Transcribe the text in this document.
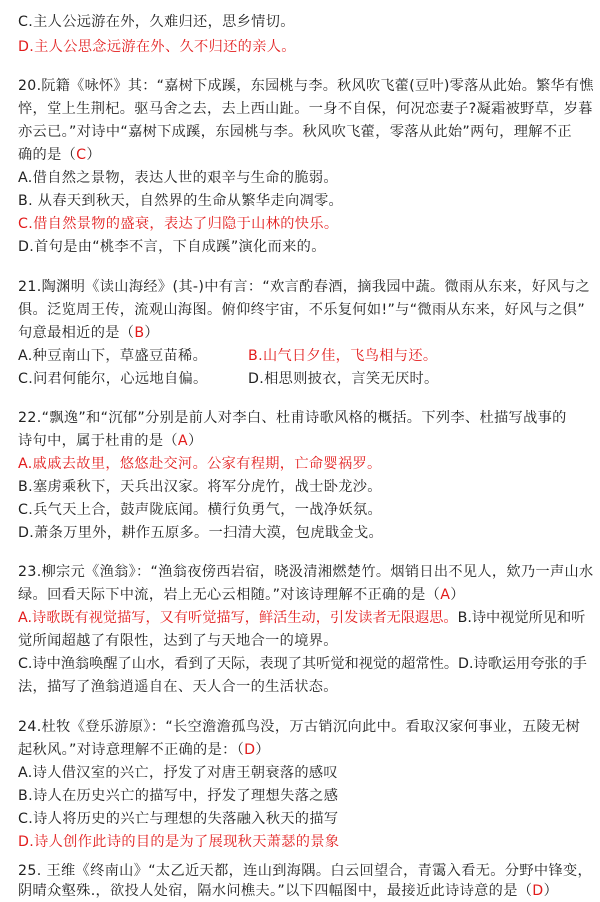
C.主人公远游在外，久难归还，思乡情切。

D.主人公思念远游在外、久不归还的亲人。

20.阮籍《咏怀》其：“嘉树下成蹊，东园桃与李。秋风吹飞藿(豆叶)零落从此始。繁华有憔

悴，堂上生荆杞。驱马舍之去，去上西山趾。一身不自保，何况恋妻子?凝霜被野草，岁暮

亦云已。”对诗中“嘉树下成蹊，东园桃与李。秋风吹飞藿，零落从此始”两句，理解不正

确的是（C）

A.借自然之景物，表达人世的艰辛与生命的脆弱。

B. 从春天到秋天，自然界的生命从繁华走向凋零。

C.借自然景物的盛衰，表达了归隐于山林的快乐。

D.首句是由“桃李不言，下自成蹊”演化而来的。

21.陶渊明《读山海经》(其-)中有言：“欢言酌春酒，摘我园中蔬。微雨从东来，好风与之

俱。泛览周王传，流观山海图。俯仰终宇宙，不乐复何如!”与“微雨从东来，好风与之俱”

句意最相近的是（B）

A.种豆南山下，草盛豆苗稀。	B.山气日夕佳，飞鸟相与还。

C.问君何能尔，心远地自偏。	D.相思则披衣，言笑无厌时。

22.“飘逸”和“沉郁”分别是前人对李白、杜甫诗歌风格的概括。下列李、杜描写战事的

诗句中，属于杜甫的是（A）

A.戚戚去故里，悠悠赴交河。公家有程期，亡命婴祸罗。

B.塞虏乘秋下，天兵出汉家。将军分虎竹，战士卧龙沙。

C.兵气天上合，鼓声陇底闻。横行负勇气，一战净妖氛。

D.萧条万里外，耕作五原多。一扫清大漠，包虎戢金戈。

23.柳宗元《渔翁》：“渔翁夜傍西岩宿，晓汲清湘燃楚竹。烟销日出不见人，欸乃一声山水

绿。回看天际下中流，岩上无心云相随。”对该诗理解不正确的是（A）

A.诗歌既有视觉描写，又有听觉描写，鲜活生动，引发读者无限遐思。B.诗中视觉所见和听

觉所闻超越了有限性，达到了与天地合一的境界。

C.诗中渔翁唤醒了山水，看到了天际，表现了其听觉和视觉的超常性。D.诗歌运用夸张的手

法，描写了渔翁逍遥自在、天人合一的生活状态。

24.杜牧《登乐游原》：“长空澹澹孤鸟没，万古销沉向此中。看取汉家何事业，五陵无树

起秋风。”对诗意理解不正确的是：（D）

A.诗人借汉室的兴亡，抒发了对唐王朝衰落的感叹

B.诗人在历史兴亡的描写中，抒发了理想失落之感

C.诗人将历史的兴亡与理想的失落融入秋天的描写

D.诗人创作此诗的目的是为了展现秋天萧瑟的景象

25. 王维《终南山》“太乙近天都，连山到海隅。白云回望合，青霭入看无。分野中锋变，

阴晴众壑殊.，欲投人处宿，隔水问樵夫。”以下四幅图中，最接近此诗诗意的是（D）
